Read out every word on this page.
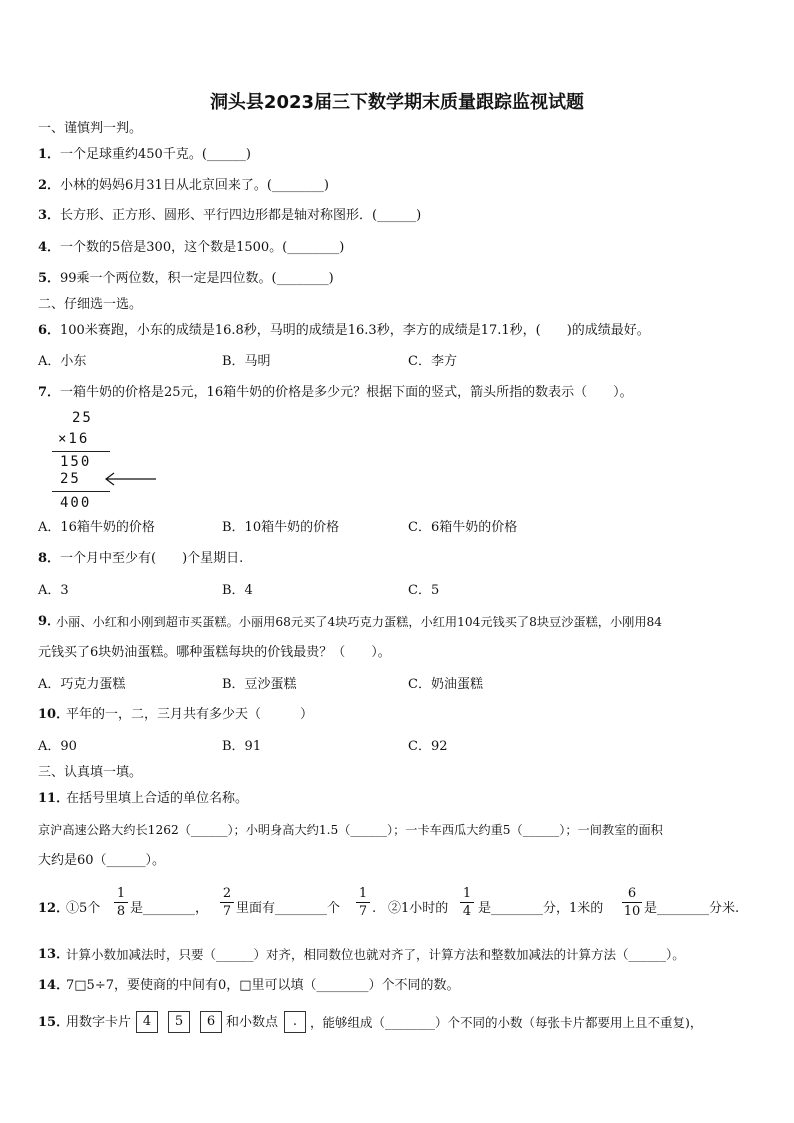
洞头县2023届三下数学期末质量跟踪监视试题
一、谨慎判一判。
1． 一个足球重约450千克。(______)
2． 小林的妈妈6月31日从北京回来了。(________)
3． 长方形、正方形、圆形、平行四边形都是轴对称图形．(______)
4． 一个数的5倍是300，这个数是1500。(________)
5． 99乘一个两位数，积一定是四位数。(________)
二、仔细选一选。
6． 100米赛跑，小东的成绩是16.8秒，马明的成绩是16.3秒，李方的成绩是17.1秒，(　　)的成绩最好。
A．小东	B．马明	C．李方
7． 一箱牛奶的价格是25元，16箱牛奶的价格是多少元？根据下面的竖式，箭头所指的数表示（　　）。
25
×16
150
25
400
A．16箱牛奶的价格	B．10箱牛奶的价格	C．6箱牛奶的价格
8． 一个月中至少有(　　)个星期日.
A．3	B．4	C．5
9．
小丽、小红和小刚到超市买蛋糕。小丽用68元买了4块巧克力蛋糕，小红用104元钱买了8块豆沙蛋糕，小刚用84
元钱买了6块奶油蛋糕。哪种蛋糕每块的价钱最贵？（　　）。
A．巧克力蛋糕	B．豆沙蛋糕	C．奶油蛋糕
10．
平年的一，二，三月共有多少天（　　　）
A．90	B．91	C．92
三、认真填一填。
11．
在括号里填上合适的单位名称。
京沪高速公路大约长1262（______）；小明身高大约1.5（______）；一卡车西瓜大约重5（______）；一间教室的面积
大约是60（______）。
12．
①5个
1
8 是________，
2
7 里面有________个
1
7 . ②1小时的
1
4 是________分，1米的
6
10 是________分米.
13．
计算小数加减法时，只要（______）对齐，相同数位也就对齐了，计算方法和整数加减法的计算方法（______）。
14．
7□5÷7，要使商的中间有0，□里可以填（________）个不同的数。
15．
用数字卡片 4	5	6 和小数点	.	，能够组成（________）个不同的小数（每张卡片都要用上且不重复)，
